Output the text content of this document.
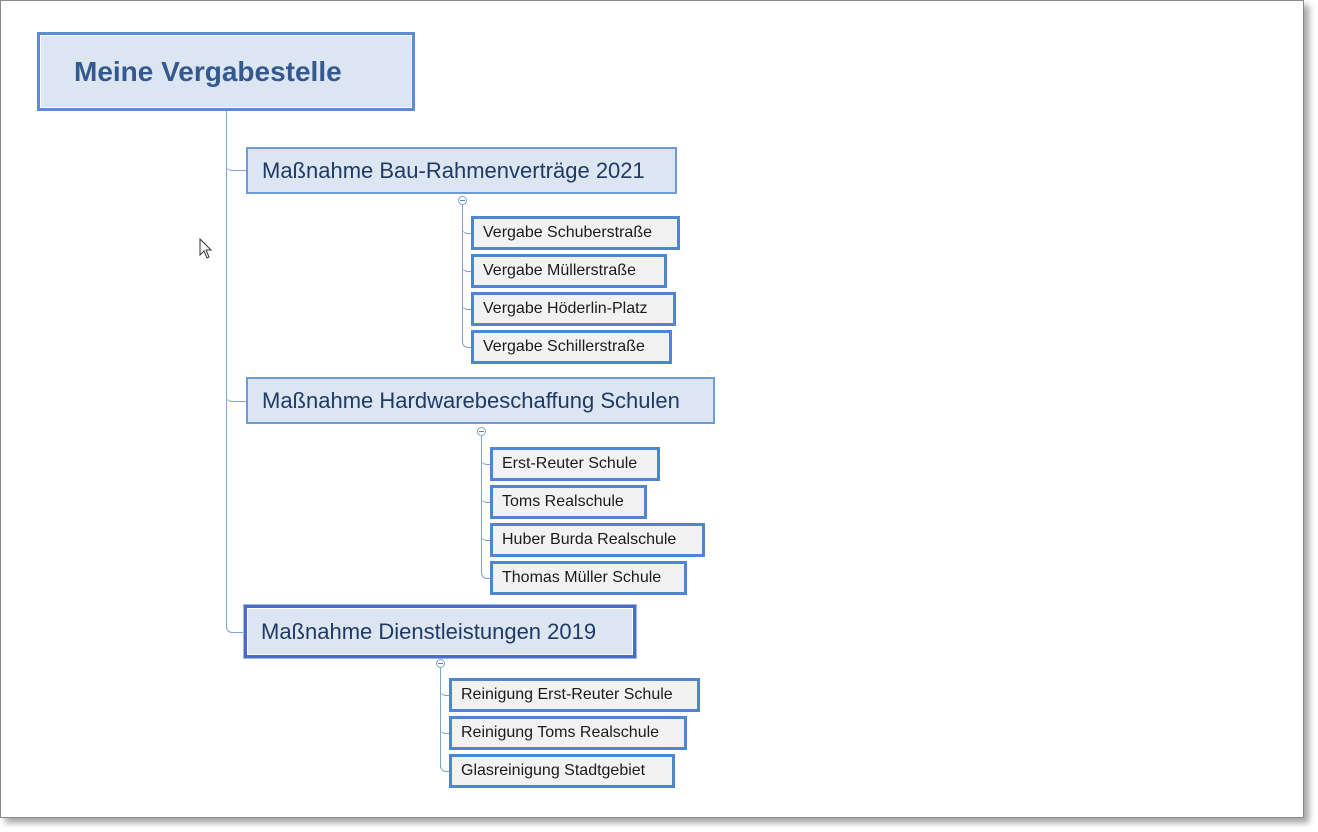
Meine Vergabestelle
Maßnahme Bau-Rahmenverträge 2021
Vergabe Schuberstraße
Vergabe Müllerstraße
Vergabe Höderlin-Platz
Vergabe Schillerstraße
Maßnahme Hardwarebeschaffung Schulen
Erst-Reuter Schule
Toms Realschule
Huber Burda Realschule
Thomas Müller Schule
Maßnahme Dienstleistungen 2019
Reinigung Erst-Reuter Schule
Reinigung Toms Realschule
Glasreinigung Stadtgebiet
